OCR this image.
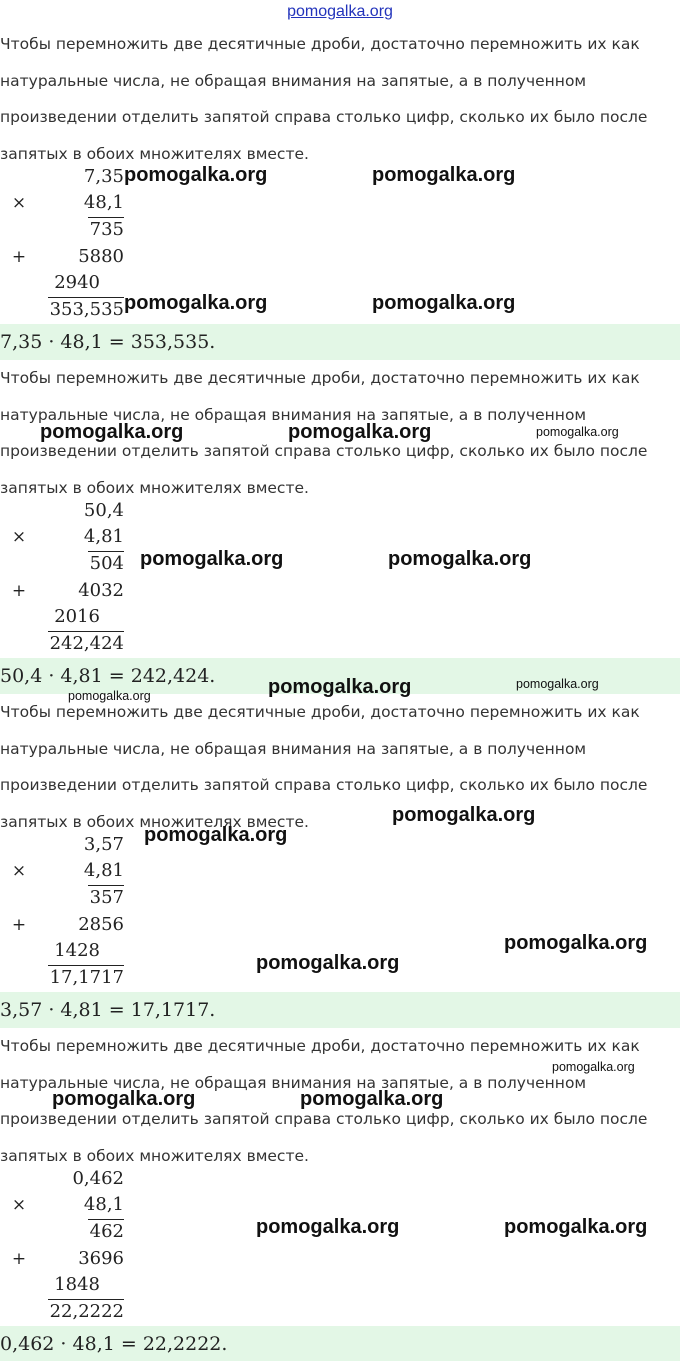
pomogalka.org
Чтобы перемножить две десятичные дроби, достаточно перемножить их как
натуральные числа, не обращая внимания на запятые, а в полученном
произведении отделить запятой справа столько цифр, сколько их было после
запятых в обоих множителях вместе.
7,35
×	48,1
735
+	5880
2940
353,535
7,35 · 48,1 = 353,535.
Чтобы перемножить две десятичные дроби, достаточно перемножить их как
натуральные числа, не обращая внимания на запятые, а в полученном
произведении отделить запятой справа столько цифр, сколько их было после
запятых в обоих множителях вместе.
50,4
×	4,81
504
+	4032
2016
242,424
50,4 · 4,81 = 242,424.
Чтобы перемножить две десятичные дроби, достаточно перемножить их как
натуральные числа, не обращая внимания на запятые, а в полученном
произведении отделить запятой справа столько цифр, сколько их было после
запятых в обоих множителях вместе.
3,57
×	4,81
357
+	2856
1428
17,1717
3,57 · 4,81 = 17,1717.
Чтобы перемножить две десятичные дроби, достаточно перемножить их как
натуральные числа, не обращая внимания на запятые, а в полученном
произведении отделить запятой справа столько цифр, сколько их было после
запятых в обоих множителях вместе.
0,462
×	48,1
462
+	3696
1848
22,2222
0,462 · 48,1 = 22,2222.
pomogalka.org	pomogalka.org
pomogalka.org	pomogalka.org
pomogalka.org	pomogalka.org	pomogalka.org
pomogalka.org	pomogalka.org
pomogalka.org	pomogalka.org	pomogalka.org
pomogalka.org
pomogalka.org
pomogalka.org
pomogalka.org
pomogalka.org
pomogalka.org	pomogalka.org
pomogalka.org	pomogalka.org
